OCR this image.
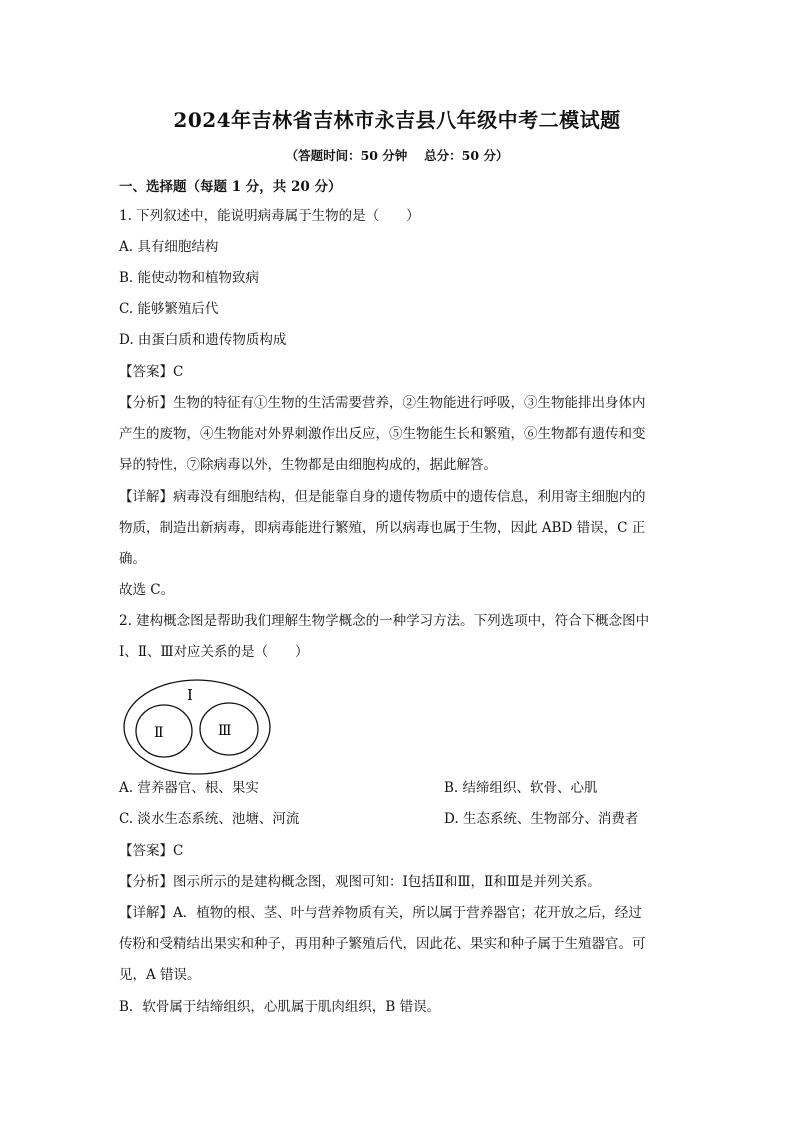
2024年吉林省吉林市永吉县八年级中考二模试题
（答题时间：50 分钟　 总分：50 分）
一、选择题（每题 1 分，共 20 分）
1. 下列叙述中，能说明病毒属于生物的是（　　）
A. 具有细胞结构
B. 能使动物和植物致病
C. 能够繁殖后代
D. 由蛋白质和遗传物质构成
【答案】C
【分析】生物的特征有①生物的生活需要营养，②生物能进行呼吸，③生物能排出身体内
产生的废物，④生物能对外界刺激作出反应，⑤生物能生长和繁殖，⑥生物都有遗传和变
异的特性，⑦除病毒以外，生物都是由细胞构成的，据此解答。
【详解】病毒没有细胞结构，但是能靠自身的遗传物质中的遗传信息，利用寄主细胞内的
物质，制造出新病毒，即病毒能进行繁殖，所以病毒也属于生物，因此 ABD 错误，C 正
确。
故选 C。
2. 建构概念图是帮助我们理解生物学概念的一种学习方法。下列选项中，符合下概念图中
Ⅰ、Ⅱ、Ⅲ对应关系的是（　　）
Ⅰ
Ⅱ	Ⅲ
A. 营养器官、根、果实	B. 结缔组织、软骨、心肌
C. 淡水生态系统、池塘、河流	D. 生态系统、生物部分、消费者
【答案】C
【分析】图示所示的是建构概念图，观图可知：Ⅰ包括Ⅱ和Ⅲ，Ⅱ和Ⅲ是并列关系。
【详解】A．植物的根、茎、叶与营养物质有关，所以属于营养器官；花开放之后，经过
传粉和受精结出果实和种子，再用种子繁殖后代，因此花、果实和种子属于生殖器官。可
见，A 错误。
B．软骨属于结缔组织，心肌属于肌肉组织，B 错误。
